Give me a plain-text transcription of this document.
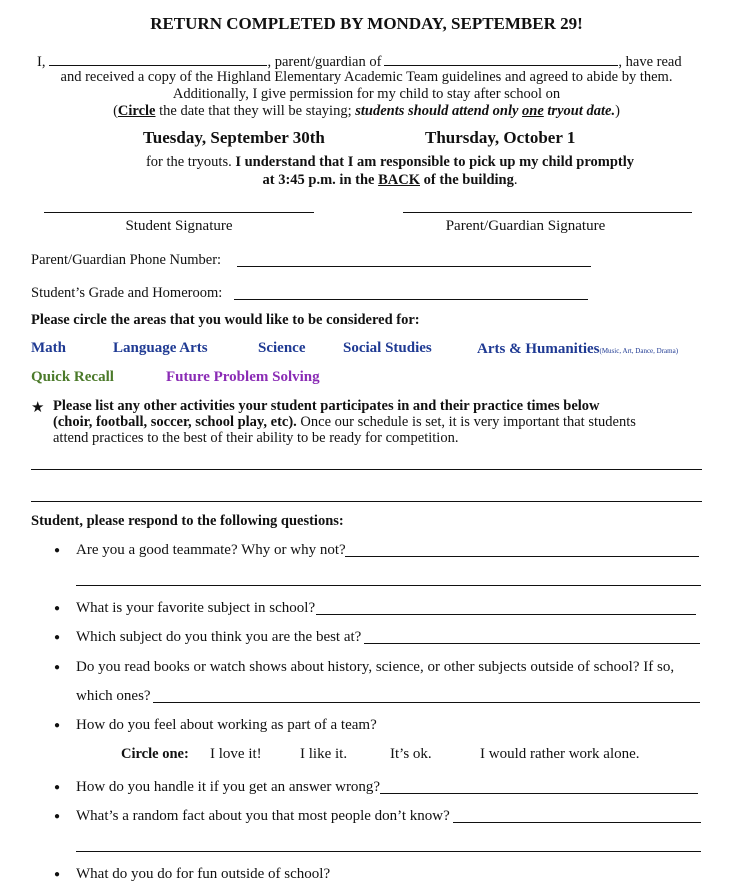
RETURN COMPLETED BY MONDAY, SEPTEMBER 29!
I,	, parent/guardian of	, have read
and received a copy of the Highland Elementary Academic Team guidelines and agreed to abide by them.
Additionally, I give permission for my child to stay after school on
(Circle the date that they will be staying; students should attend only one tryout date.)
Tuesday, September 30th	Thursday, October 1
for the tryouts. I understand that I am responsible to pick up my child promptly
at 3:45 p.m. in the BACK of the building.
Student Signature	Parent/Guardian Signature
Parent/Guardian Phone Number:
Student’s Grade and Homeroom:
Please circle the areas that you would like to be considered for:
Math	Language Arts	Science	Social Studies	Arts & Humanities(Music, Art, Dance, Drama)
Quick Recall	Future Problem Solving
★ Please list any other activities your student participates in and their practice times below
(choir, football, soccer, school play, etc). Once our schedule is set, it is very important that students
attend practices to the best of their ability to be ready for competition.
Student, please respond to the following questions:
● Are you a good teammate? Why or why not?
● What is your favorite subject in school?
● Which subject do you think you are the best at?
● Do you read books or watch shows about history, science, or other subjects outside of school? If so,
which ones?
● How do you feel about working as part of a team?
Circle one: I love it!	I like it.	It’s ok.	I would rather work alone.
● How do you handle it if you get an answer wrong?
● What’s a random fact about you that most people don’t know?
● What do you do for fun outside of school?
